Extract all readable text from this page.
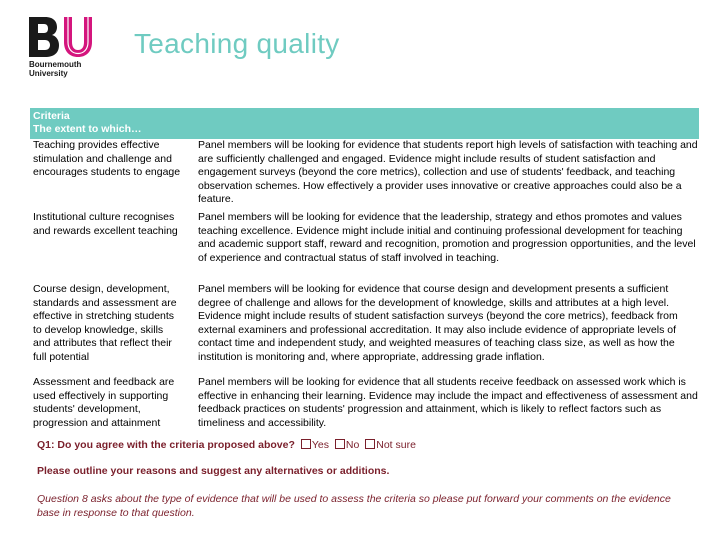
Bournemouth
University
Teaching quality
Criteria
The extent to which…
Teaching provides effective
stimulation and challenge and
encourages students to engage
Panel members will be looking for evidence that students report high levels of satisfaction with teaching and are sufficiently challenged and engaged. Evidence might include results of student satisfaction and engagement surveys (beyond the core metrics), collection and use of students' feedback, and teaching observation schemes. How effectively a provider uses innovative or creative approaches could also be a feature.
Institutional culture recognises
and rewards excellent teaching
Panel members will be looking for evidence that the leadership, strategy and ethos promotes and values teaching excellence. Evidence might include initial and continuing professional development for teaching and academic support staff, reward and recognition, promotion and progression opportunities, and the level of experience and contractual status of staff involved in teaching.
Course design, development,
standards and assessment are
effective in stretching students
to develop knowledge, skills
and attributes that reflect their
full potential
Panel members will be looking for evidence that course design and development presents a sufficient degree of challenge and allows for the development of knowledge, skills and attributes at a high level. Evidence might include results of student satisfaction surveys (beyond the core metrics), feedback from external examiners and professional accreditation. It may also include evidence of appropriate levels of contact time and independent study, and weighted measures of teaching class size, as well as how the institution is monitoring and, where appropriate, addressing grade inflation.
Assessment and feedback are
used effectively in supporting
students' development,
progression and attainment
Panel members will be looking for evidence that all students receive feedback on assessed work which is effective in enhancing their learning. Evidence may include the impact and effectiveness of assessment and feedback practices on students' progression and attainment, which is likely to reflect factors such as timeliness and accessibility.
Q1: Do you agree with the criteria proposed above? Yes No Not sure
Please outline your reasons and suggest any alternatives or additions.
Question 8 asks about the type of evidence that will be used to assess the criteria so please put forward your comments on the evidence base in response to that question.
